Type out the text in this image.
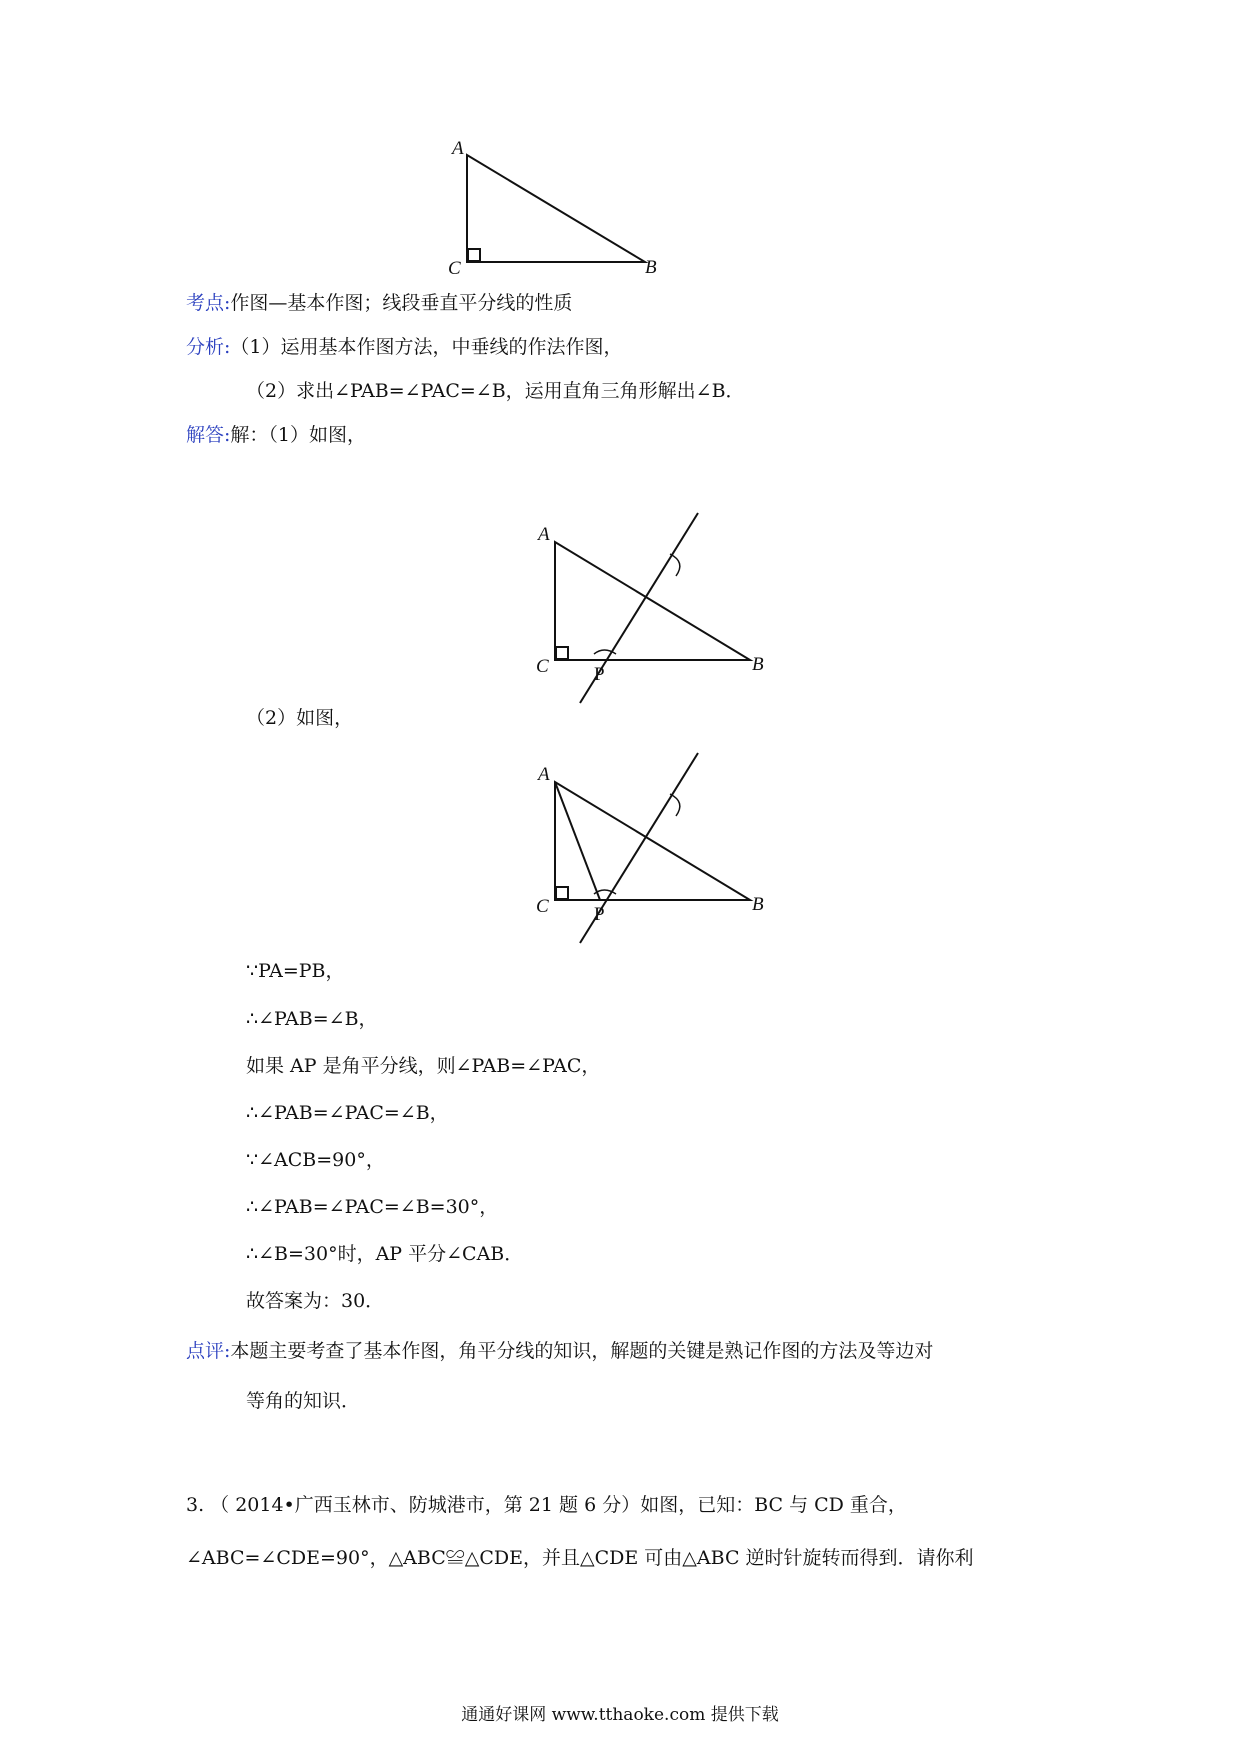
A
C	B
考点:作图—基本作图；线段垂直平分线的性质
分析:（1）运用基本作图方法，中垂线的作法作图，
（2）求出∠PAB=∠PAC=∠B，运用直角三角形解出∠B．
解答:解：（1）如图，
A
C	B
P
（2）如图，
A
C	B
P
∵PA=PB，
∴∠PAB=∠B，
如果 AP 是角平分线，则∠PAB=∠PAC，
∴∠PAB=∠PAC=∠B，
∵∠ACB=90°，
∴∠PAB=∠PAC=∠B=30°，
∴∠B=30°时，AP 平分∠CAB．
故答案为：30．
点评:本题主要考查了基本作图，角平分线的知识，解题的关键是熟记作图的方法及等边对
等角的知识．
3. （ 2014•广西玉林市、防城港市，第 21 题 6 分）如图，已知：BC 与 CD 重合，
∠ABC=∠CDE=90°，△ABC≌△CDE，并且△CDE 可由△ABC 逆时针旋转而得到．请你利
通通好课网 www.tthaoke.com 提供下载
